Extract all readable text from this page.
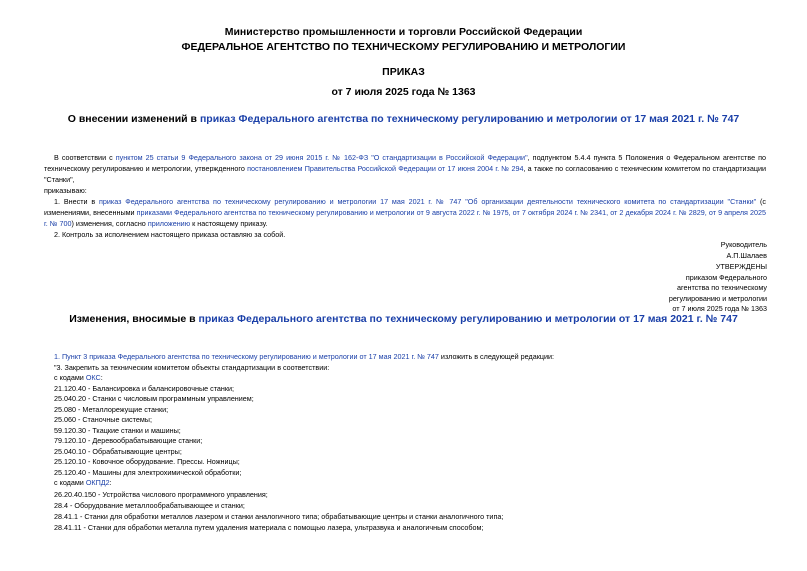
Министерство промышленности и торговли Российской Федерации
ФЕДЕРАЛЬНОЕ АГЕНТСТВО ПО ТЕХНИЧЕСКОМУ РЕГУЛИРОВАНИЮ И МЕТРОЛОГИИ
ПРИКАЗ
от 7 июля 2025 года № 1363
О внесении изменений в приказ Федерального агентства по техническому регулированию и метрологии от 17 мая 2021 г. № 747
В соответствии с пунктом 25 статьи 9 Федерального закона от 29 июня 2015 г. № 162-ФЗ "О стандартизации в Российской Федерации", подпунктом 5.4.4 пункта 5 Положения о Федеральном агентстве по техническому регулированию и метрологии, утвержденного постановлением Правительства Российской Федерации от 17 июня 2004 г. № 294, а также по согласованию с техническим комитетом по стандартизации "Станки",
приказываю:
1. Внести в приказ Федерального агентства по техническому регулированию и метрологии 17 мая 2021 г. № 747 "Об организации деятельности технического комитета по стандартизации "Станки" (с изменениями, внесенными приказами Федерального агентства по техническому регулированию и метрологии от 9 августа 2022 г. № 1975, от 7 октября 2024 г. № 2341, от 2 декабря 2024 г. № 2829, от 9 апреля 2025 г. № 700) изменения, согласно приложению к настоящему приказу.
2. Контроль за исполнением настоящего приказа оставляю за собой.
Руководитель
А.П.Шалаев
УТВЕРЖДЕНЫ
приказом Федерального
агентства по техническому
регулированию и метрологии
от 7 июля 2025 года № 1363
Изменения, вносимые в приказ Федерального агентства по техническому регулированию и метрологии от 17 мая 2021 г. № 747
1. Пункт 3 приказа Федерального агентства по техническому регулированию и метрологии от 17 мая 2021 г. № 747 изложить в следующей редакции:
"3. Закрепить за техническим комитетом объекты стандартизации в соответствии:
с кодами ОКС:
21.120.40 - Балансировка и балансировочные станки;
25.040.20 - Станки с числовым программным управлением;
25.080 - Металлорежущие станки;
25.060 - Станочные системы;
59.120.30 - Ткацкие станки и машины;
79.120.10 - Деревообрабатывающие станки;
25.040.10 - Обрабатывающие центры;
25.120.10 - Ковочное оборудование. Прессы. Ножницы;
25.120.40 - Машины для электрохимической обработки;
с кодами ОКПД2:
26.20.40.150 - Устройства числового программного управления;
28.4 - Оборудование металлообрабатывающее и станки;
28.41.1 - Станки для обработки металлов лазером и станки аналогичного типа; обрабатывающие центры и станки аналогичного типа;
28.41.11 - Станки для обработки металла путем удаления материала с помощью лазера, ультразвука и аналогичным способом;
